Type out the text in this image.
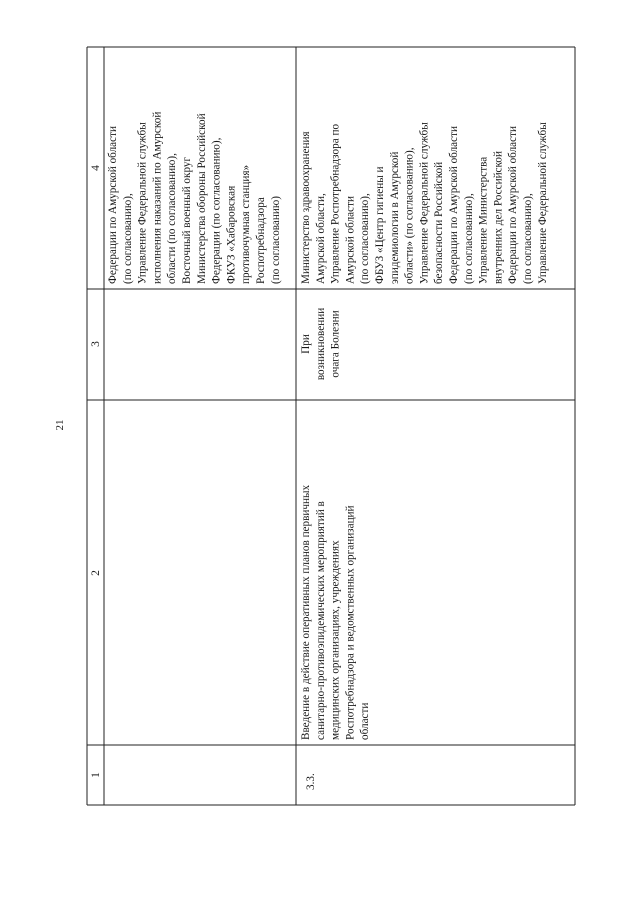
21
1
2
3
4 Федерации по Амурской области (по согласованию), Управление Федеральной службы исполнения наказаний по Амурской области (по согласованию), Восточный военный округ Министерства обороны Российской Федерации (по согласованию), ФКУЗ «Хабаровская противочумная станция» Роспотребнадзора (по согласованию)
3.3.
Введение в действие оперативных планов первичных санитарно-противоэпидемических мероприятий в медицинских организациях, учреждениях Роспотребнадзора и ведомственных организаций области
При возникновении очага Болезни
Министерство здравоохранения Амурской области, Управление Роспотребнадзора по Амурской области (по согласованию), ФБУЗ «Центр гигиены и эпидемиологии в Амурской области» (по согласованию), Управление Федеральной службы безопасности Российской Федерации по Амурской области (по согласованию), Управление Министерства внутренних дел Российской Федерации по Амурской области (по согласованию), Управление Федеральной службы
